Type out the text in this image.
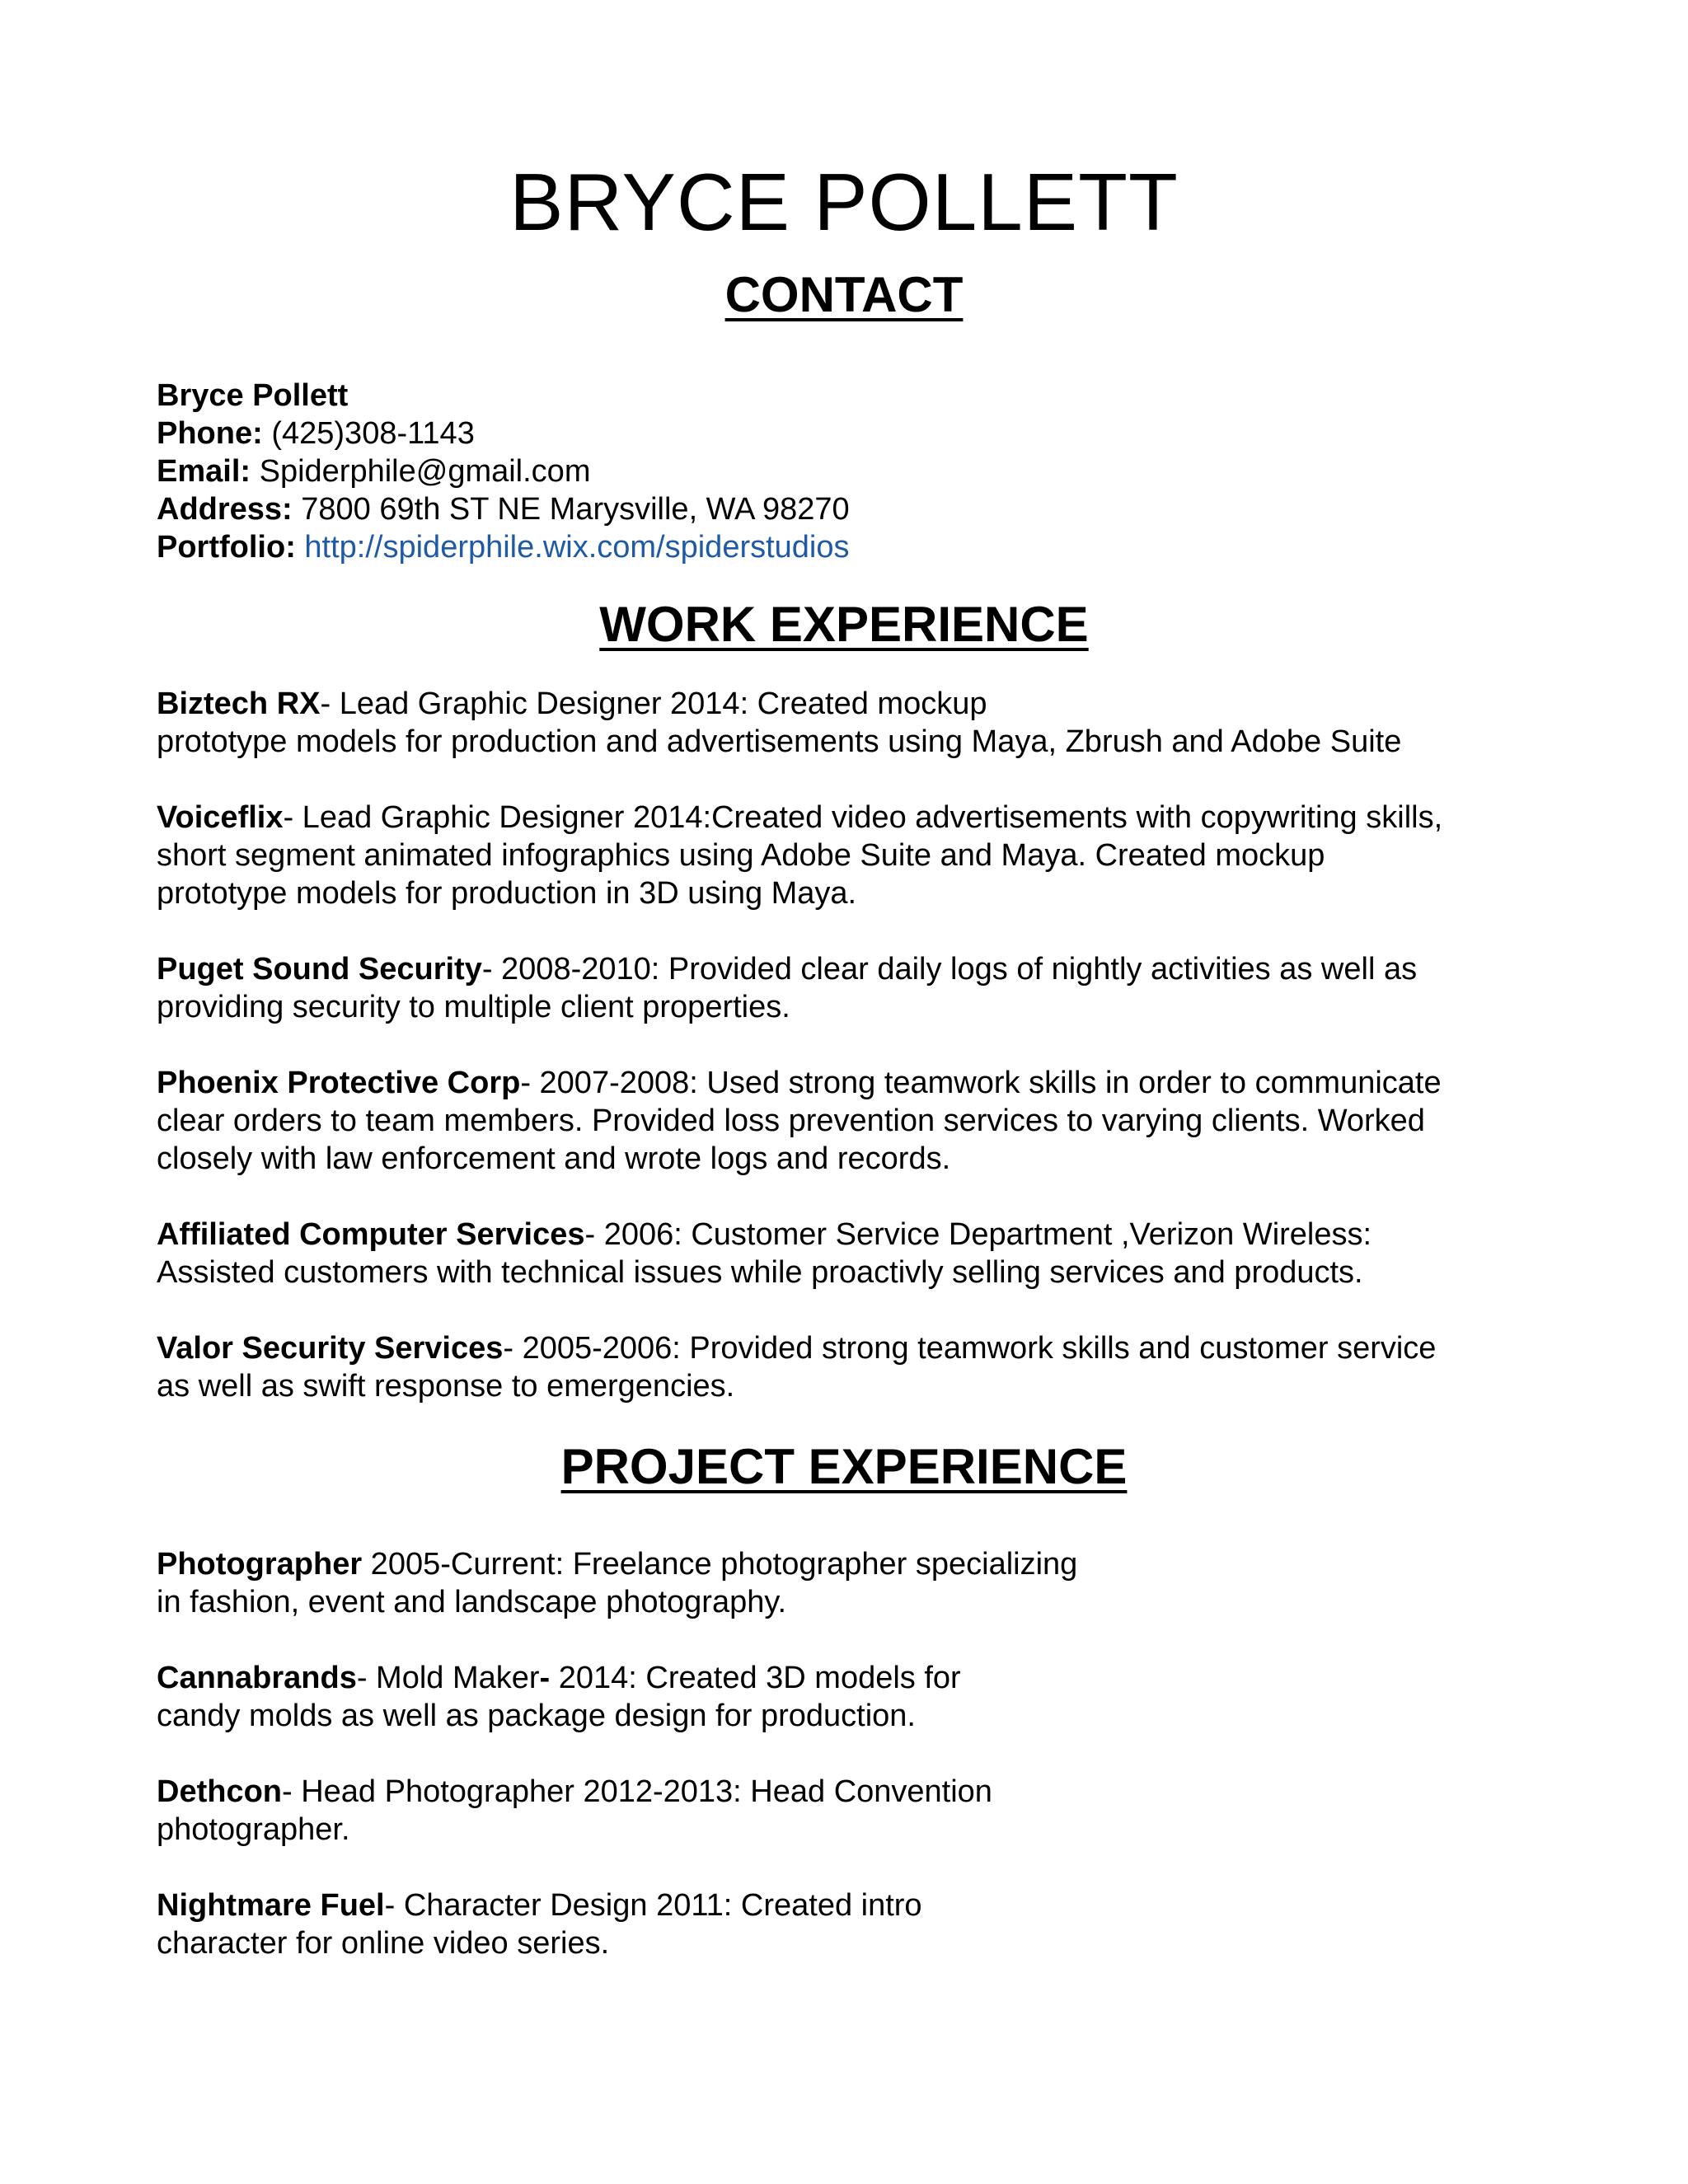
BRYCE POLLETT
CONTACT
Bryce Pollett
Phone: (425)308-1143
Email: Spiderphile@gmail.com
Address: 7800 69th ST NE Marysville, WA 98270
Portfolio: http://spiderphile.wix.com/spiderstudios
WORK EXPERIENCE

Biztech RX- Lead Graphic Designer 2014: Created mockup
prototype models for production and advertisements using Maya, Zbrush and Adobe Suite

Voiceflix- Lead Graphic Designer 2014:Created video advertisements with copywriting skills,
short segment animated infographics using Adobe Suite and Maya. Created mockup
prototype models for production in 3D using Maya.

Puget Sound Security- 2008-2010: Provided clear daily logs of nightly activities as well as
providing security to multiple client properties.

Phoenix Protective Corp- 2007-2008: Used strong teamwork skills in order to communicate
clear orders to team members. Provided loss prevention services to varying clients. Worked
closely with law enforcement and wrote logs and records.

Affiliated Computer Services- 2006: Customer Service Department ,Verizon Wireless:
Assisted customers with technical issues while proactivly selling services and products.

Valor Security Services- 2005-2006: Provided strong teamwork skills and customer service
as well as swift response to emergencies.

PROJECT EXPERIENCE

Photographer 2005-Current: Freelance photographer specializing
in fashion, event and landscape photography.

Cannabrands- Mold Maker- 2014: Created 3D models for
candy molds as well as package design for production.

Dethcon- Head Photographer 2012-2013: Head Convention
photographer.

Nightmare Fuel- Character Design 2011: Created intro
character for online video series.
